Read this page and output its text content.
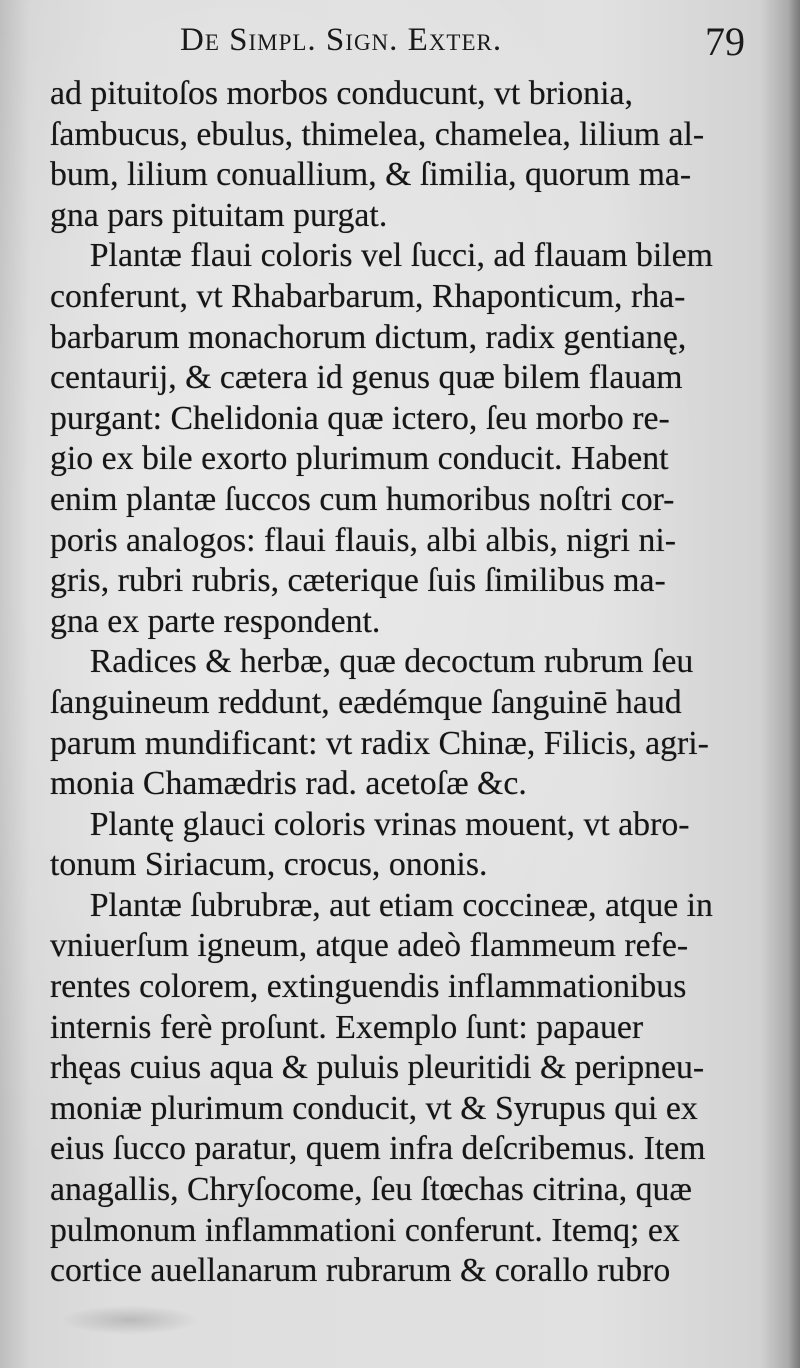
De Simpl. Sign. Exter.	79
ad pituitoſos morbos conducunt, vt brionia,
ſambucus, ebulus, thimelea, chamelea, lilium al-
bum, lilium conuallium, & ſimilia, quorum ma-
gna pars pituitam purgat.
Plantæ flaui coloris vel ſucci, ad flauam bilem
conferunt, vt Rhabarbarum, Rhaponticum, rha-
barbarum monachorum dictum, radix gentianę,
centaurij, & cætera id genus quæ bilem flauam
purgant: Chelidonia quæ ictero, ſeu morbo re-
gio ex bile exorto plurimum conducit. Habent
enim plantæ ſuccos cum humoribus noſtri cor-
poris analogos: flaui flauis, albi albis, nigri ni-
gris, rubri rubris, cæterique ſuis ſimilibus ma-
gna ex parte respondent.
Radices & herbæ, quæ decoctum rubrum ſeu
ſanguineum reddunt, eædémque ſanguinē haud
parum mundificant: vt radix Chinæ, Filicis, agri-
monia Chamædris rad. acetoſæ &c.
Plantę glauci coloris vrinas mouent, vt abro-
tonum Siriacum, crocus, ononis.
Plantæ ſubrubræ, aut etiam coccineæ, atque in
vniuerſum igneum, atque adeò flammeum refe-
rentes colorem, extinguendis inflammationibus
internis ferè proſunt. Exemplo ſunt: papauer
rhęas cuius aqua & puluis pleuritidi & peripneu-
moniæ plurimum conducit, vt & Syrupus qui ex
eius ſucco paratur, quem infra deſcribemus. Item
anagallis, Chryſocome, ſeu ſtœchas citrina, quæ
pulmonum inflammationi conferunt. Itemq; ex
cortice auellanarum rubrarum & corallo rubro
